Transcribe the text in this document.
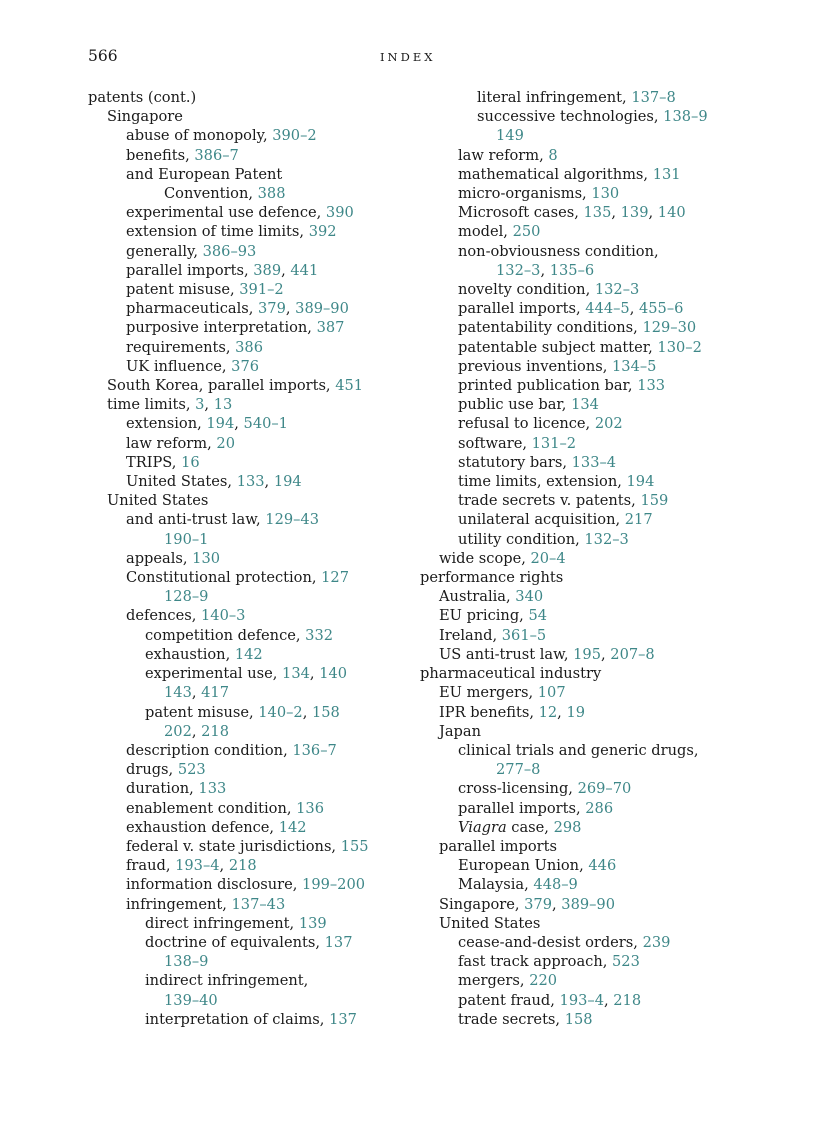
566	INDEX
patents (cont.)
Singapore
abuse of monopoly, 390–2
benefits, 386–7
and European Patent
Convention, 388
experimental use defence, 390
extension of time limits, 392
generally, 386–93
parallel imports, 389, 441
patent misuse, 391–2
pharmaceuticals, 379, 389–90
purposive interpretation, 387
requirements, 386
UK influence, 376
South Korea, parallel imports, 451
time limits, 3, 13
extension, 194, 540–1
law reform, 20
TRIPS, 16
United States, 133, 194
United States
and anti-trust law, 129–43
190–1
appeals, 130
Constitutional protection, 127
128–9
defences, 140–3
competition defence, 332
exhaustion, 142
experimental use, 134, 140
143, 417
patent misuse, 140–2, 158
202, 218
description condition, 136–7
drugs, 523
duration, 133
enablement condition, 136
exhaustion defence, 142
federal v. state jurisdictions, 155
fraud, 193–4, 218
information disclosure, 199–200
infringement, 137–43
direct infringement, 139
doctrine of equivalents, 137
138–9
indirect infringement,
139–40
interpretation of claims, 137
literal infringement, 137–8
successive technologies, 138–9
149
law reform, 8
mathematical algorithms, 131
micro-organisms, 130
Microsoft cases, 135, 139, 140
model, 250
non-obviousness condition,
132–3, 135–6
novelty condition, 132–3
parallel imports, 444–5, 455–6
patentability conditions, 129–30
patentable subject matter, 130–2
previous inventions, 134–5
printed publication bar, 133
public use bar, 134
refusal to licence, 202
software, 131–2
statutory bars, 133–4
time limits, extension, 194
trade secrets v. patents, 159
unilateral acquisition, 217
utility condition, 132–3
wide scope, 20–4
performance rights
Australia, 340
EU pricing, 54
Ireland, 361–5
US anti-trust law, 195, 207–8
pharmaceutical industry
EU mergers, 107
IPR benefits, 12, 19
Japan
clinical trials and generic drugs,
277–8
cross-licensing, 269–70
parallel imports, 286
Viagra case, 298
parallel imports
European Union, 446
Malaysia, 448–9
Singapore, 379, 389–90
United States
cease-and-desist orders, 239
fast track approach, 523
mergers, 220
patent fraud, 193–4, 218
trade secrets, 158
